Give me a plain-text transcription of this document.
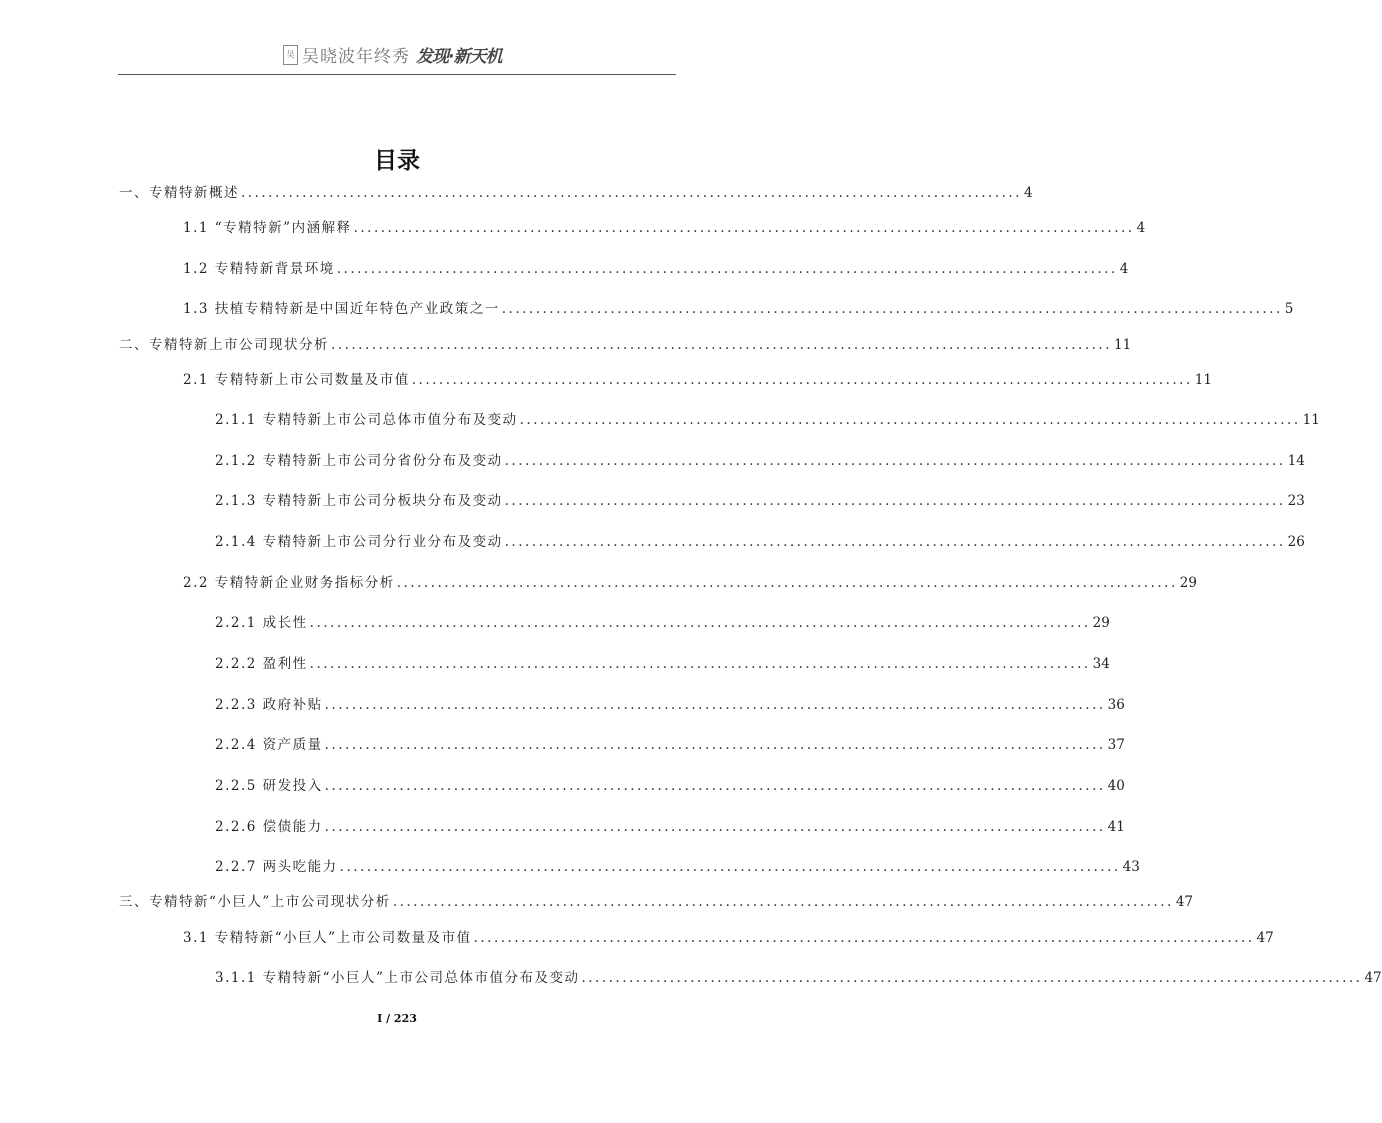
吴 吴晓波年终秀 发现·新天机
目录
一、专精特新概述 ................................................................................................................... 4
1.1 “专精特新”内涵解释 ................................................................................................................... 4
1.2 专精特新背景环境 ................................................................................................................... 4
1.3 扶植专精特新是中国近年特色产业政策之一 ................................................................................................................... 5
二、专精特新上市公司现状分析 ................................................................................................................... 11
2.1 专精特新上市公司数量及市值 ................................................................................................................... 11
2.1.1 专精特新上市公司总体市值分布及变动 ................................................................................................................... 11
2.1.2 专精特新上市公司分省份分布及变动 ................................................................................................................... 14
2.1.3 专精特新上市公司分板块分布及变动 ................................................................................................................... 23
2.1.4 专精特新上市公司分行业分布及变动 ................................................................................................................... 26
2.2 专精特新企业财务指标分析 ................................................................................................................... 29
2.2.1 成长性 ................................................................................................................... 29
2.2.2 盈利性 ................................................................................................................... 34
2.2.3 政府补贴 ................................................................................................................... 36
2.2.4 资产质量 ................................................................................................................... 37
2.2.5 研发投入 ................................................................................................................... 40
2.2.6 偿债能力 ................................................................................................................... 41
2.2.7 两头吃能力 ................................................................................................................... 43
三、专精特新“小巨人”上市公司现状分析 ................................................................................................................... 47
3.1 专精特新“小巨人”上市公司数量及市值 ................................................................................................................... 47
3.1.1 专精特新“小巨人”上市公司总体市值分布及变动 ................................................................................................................... 47
I / 223
